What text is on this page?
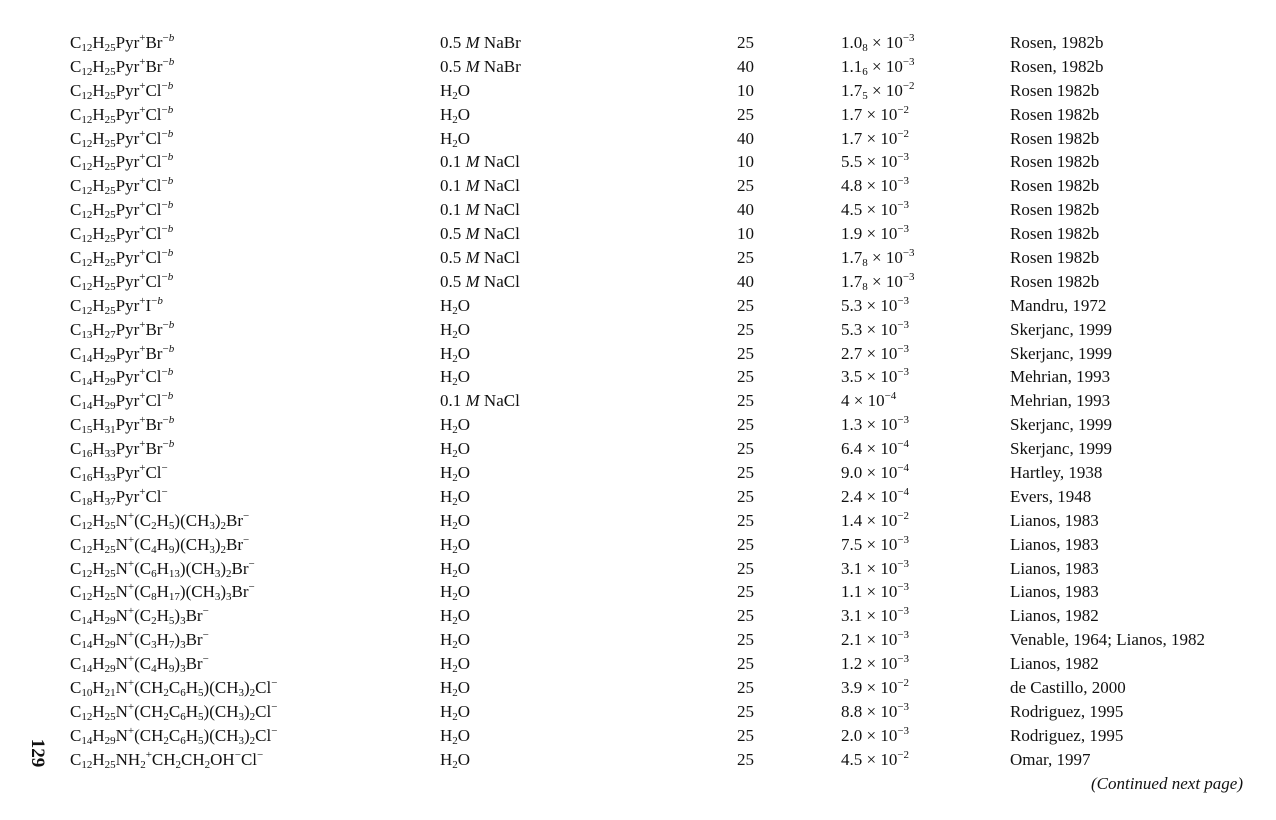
129
$C_{12}H_{25}Pyr^+Br^{-b}$	0.5 M NaBr	25	$1.0_8 \times 10^{-3}$	Rosen, 1982b
$C_{12}H_{25}Pyr^+Br^{-b}$	0.5 M NaBr	40	$1.1_6 \times 10^{-3}$	Rosen, 1982b
$C_{12}H_{25}Pyr^+Cl^{-b}$	$H_2O$	10	$1.7_5 \times 10^{-2}$	Rosen 1982b
$C_{12}H_{25}Pyr^+Cl^{-b}$	$H_2O$	25	$1.7 \times 10^{-2}$	Rosen 1982b
$C_{12}H_{25}Pyr^+Cl^{-b}$	$H_2O$	40	$1.7 \times 10^{-2}$	Rosen 1982b
$C_{12}H_{25}Pyr^+Cl^{-b}$	0.1 M NaCl	10	$5.5 \times 10^{-3}$	Rosen 1982b
$C_{12}H_{25}Pyr^+Cl^{-b}$	0.1 M NaCl	25	$4.8 \times 10^{-3}$	Rosen 1982b
$C_{12}H_{25}Pyr^+Cl^{-b}$	0.1 M NaCl	40	$4.5 \times 10^{-3}$	Rosen 1982b
$C_{12}H_{25}Pyr^+Cl^{-b}$	0.5 M NaCl	10	$1.9 \times 10^{-3}$	Rosen 1982b
$C_{12}H_{25}Pyr^+Cl^{-b}$	0.5 M NaCl	25	$1.7_8 \times 10^{-3}$	Rosen 1982b
$C_{12}H_{25}Pyr^+Cl^{-b}$	0.5 M NaCl	40	$1.7_8 \times 10^{-3}$	Rosen 1982b
$C_{12}H_{25}Pyr^+I^{-b}$	$H_2O$	25	$5.3 \times 10^{-3}$	Mandru, 1972
$C_{13}H_{27}Pyr^+Br^{-b}$	$H_2O$	25	$5.3 \times 10^{-3}$	Skerjanc, 1999
$C_{14}H_{29}Pyr^+Br^{-b}$	$H_2O$	25	$2.7 \times 10^{-3}$	Skerjanc, 1999
$C_{14}H_{29}Pyr^+Cl^{-b}$	$H_2O$	25	$3.5 \times 10^{-3}$	Mehrian, 1993
$C_{14}H_{29}Pyr^+Cl^{-b}$	0.1 M NaCl	25	$4 \times 10^{-4}$	Mehrian, 1993
$C_{15}H_{31}Pyr^+Br^{-b}$	$H_2O$	25	$1.3 \times 10^{-3}$	Skerjanc, 1999
$C_{16}H_{33}Pyr^+Br^{-b}$	$H_2O$	25	$6.4 \times 10^{-4}$	Skerjanc, 1999
$C_{16}H_{33}Pyr^+Cl^-$	$H_2O$	25	$9.0 \times 10^{-4}$	Hartley, 1938
$C_{18}H_{37}Pyr^+Cl^-$	$H_2O$	25	$2.4 \times 10^{-4}$	Evers, 1948
$C_{12}H_{25}N^+(C_2H_5)(CH_3)_2Br^-$	$H_2O$	25	$1.4 \times 10^{-2}$	Lianos, 1983
$C_{12}H_{25}N^+(C_4H_9)(CH_3)_2Br^-$	$H_2O$	25	$7.5 \times 10^{-3}$	Lianos, 1983
$C_{12}H_{25}N^+(C_6H_{13})(CH_3)_2Br^-$	$H_2O$	25	$3.1 \times 10^{-3}$	Lianos, 1983
$C_{12}H_{25}N^+(C_8H_{17})(CH_3)_3Br^-$	$H_2O$	25	$1.1 \times 10^{-3}$	Lianos, 1983
$C_{14}H_{29}N^+(C_2H_5)_3Br^-$	$H_2O$	25	$3.1 \times 10^{-3}$	Lianos, 1982
$C_{14}H_{29}N^+(C_3H_7)_3Br^-$	$H_2O$	25	$2.1 \times 10^{-3}$	Venable, 1964; Lianos, 1982
$C_{14}H_{29}N^+(C_4H_9)_3Br^-$	$H_2O$	25	$1.2 \times 10^{-3}$	Lianos, 1982
$C_{10}H_{21}N^+(CH_2C_6H_5)(CH_3)_2Cl^-$	$H_2O$	25	$3.9 \times 10^{-2}$	de Castillo, 2000
$C_{12}H_{25}N^+(CH_2C_6H_5)(CH_3)_2Cl^-$	$H_2O$	25	$8.8 \times 10^{-3}$	Rodriguez, 1995
$C_{14}H_{29}N^+(CH_2C_6H_5)(CH_3)_2Cl^-$	$H_2O$	25	$2.0 \times 10^{-3}$	Rodriguez, 1995
$C_{12}H_{25}NH_2^+CH_2CH_2OH^-Cl^-$	$H_2O$	25	$4.5 \times 10^{-2}$	Omar, 1997
(Continued next page)
